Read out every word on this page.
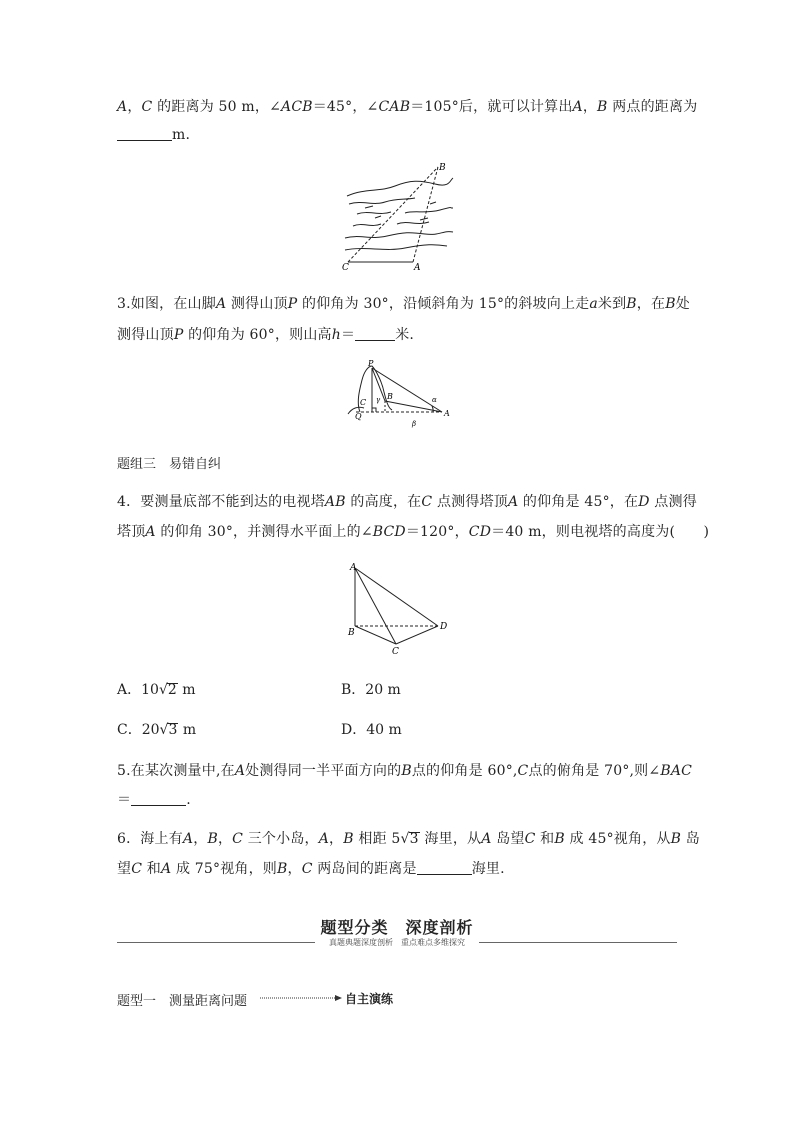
A，C 的距离为 50 m，∠ACB＝45°，∠CAB＝105°后，就可以计算出A，B 两点的距离为
m.
B
C	A
3.如图，在山脚A 测得山顶P 的仰角为 30°，沿倾斜角为 15°的斜坡向上走a米到B，在B处
测得山顶P 的仰角为 60°，则山高h＝	米.
P
C
B
Q	A
α
β
γ
题组三　易错自纠
4．要测量底部不能到达的电视塔AB 的高度，在C 点测得塔顶A 的仰角是 45°，在D 点测得
塔顶A 的仰角 30°，并测得水平面上的∠BCD＝120°，CD＝40 m，则电视塔的高度为(　　)
A
B
C
D
A．10√2 m	B．20 m
C．20√3 m	D．40 m
5.在某次测量中,在A处测得同一半平面方向的B点的仰角是 60°,C点的俯角是 70°,则∠BAC
＝	.
6．海上有A，B，C 三个小岛，A，B 相距 5√3 海里，从A 岛望C 和B 成 45°视角，从B 岛
望C 和A 成 75°视角，则B，C 两岛间的距离是	海里.
题型分类　深度剖析
真题典题深度剖析　重点难点多维探究
题型一　测量距离问题	自主演练
